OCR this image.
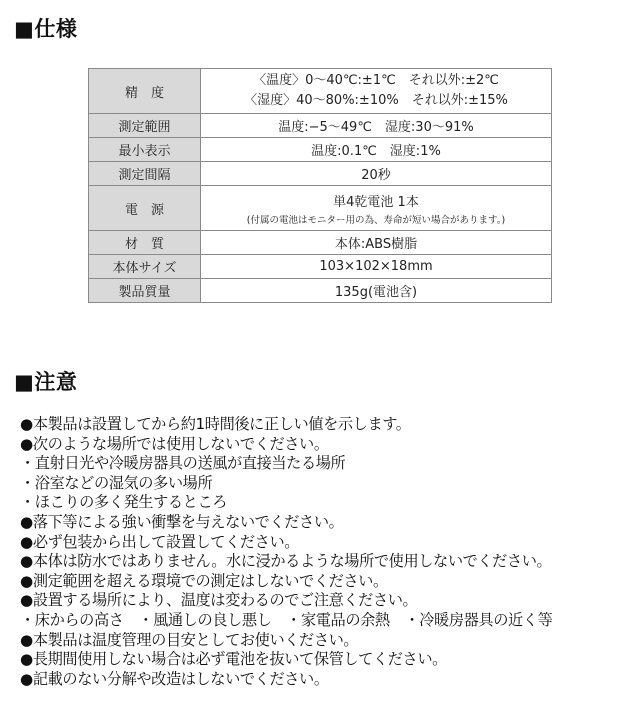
■仕様
精　度	〈温度〉0～40℃:±1℃　それ以外:±2℃
〈湿度〉40～80%:±10%　それ以外:±15%

測定範囲	温度:−5～49℃　湿度:30～91%
最小表示	温度:0.1℃　湿度:1%
測定間隔	20秒
電　源	単4乾電池 1本
(付属の電池はモニター用の為、寿命が短い場合があります。)

材　質	本体:ABS樹脂
本体サイズ	103×102×18mm
製品質量	135g(電池含)
■注意
●本製品は設置してから約1時間後に正しい値を示します。
●次のような場所では使用しないでください。
・直射日光や冷暖房器具の送風が直接当たる場所
・浴室などの湿気の多い場所
・ほこりの多く発生するところ
●落下等による強い衝撃を与えないでください。
●必ず包装から出して設置してください。
●本体は防水ではありません。水に浸かるような場所で使用しないでください。
●測定範囲を超える環境での測定はしないでください。
●設置する場所により、温度は変わるのでご注意ください。
・床からの高さ　・風通しの良し悪し　・家電品の余熱　・冷暖房器具の近く等
●本製品は温度管理の目安としてお使いください。
●長期間使用しない場合は必ず電池を抜いて保管してください。
●記載のない分解や改造はしないでください。
